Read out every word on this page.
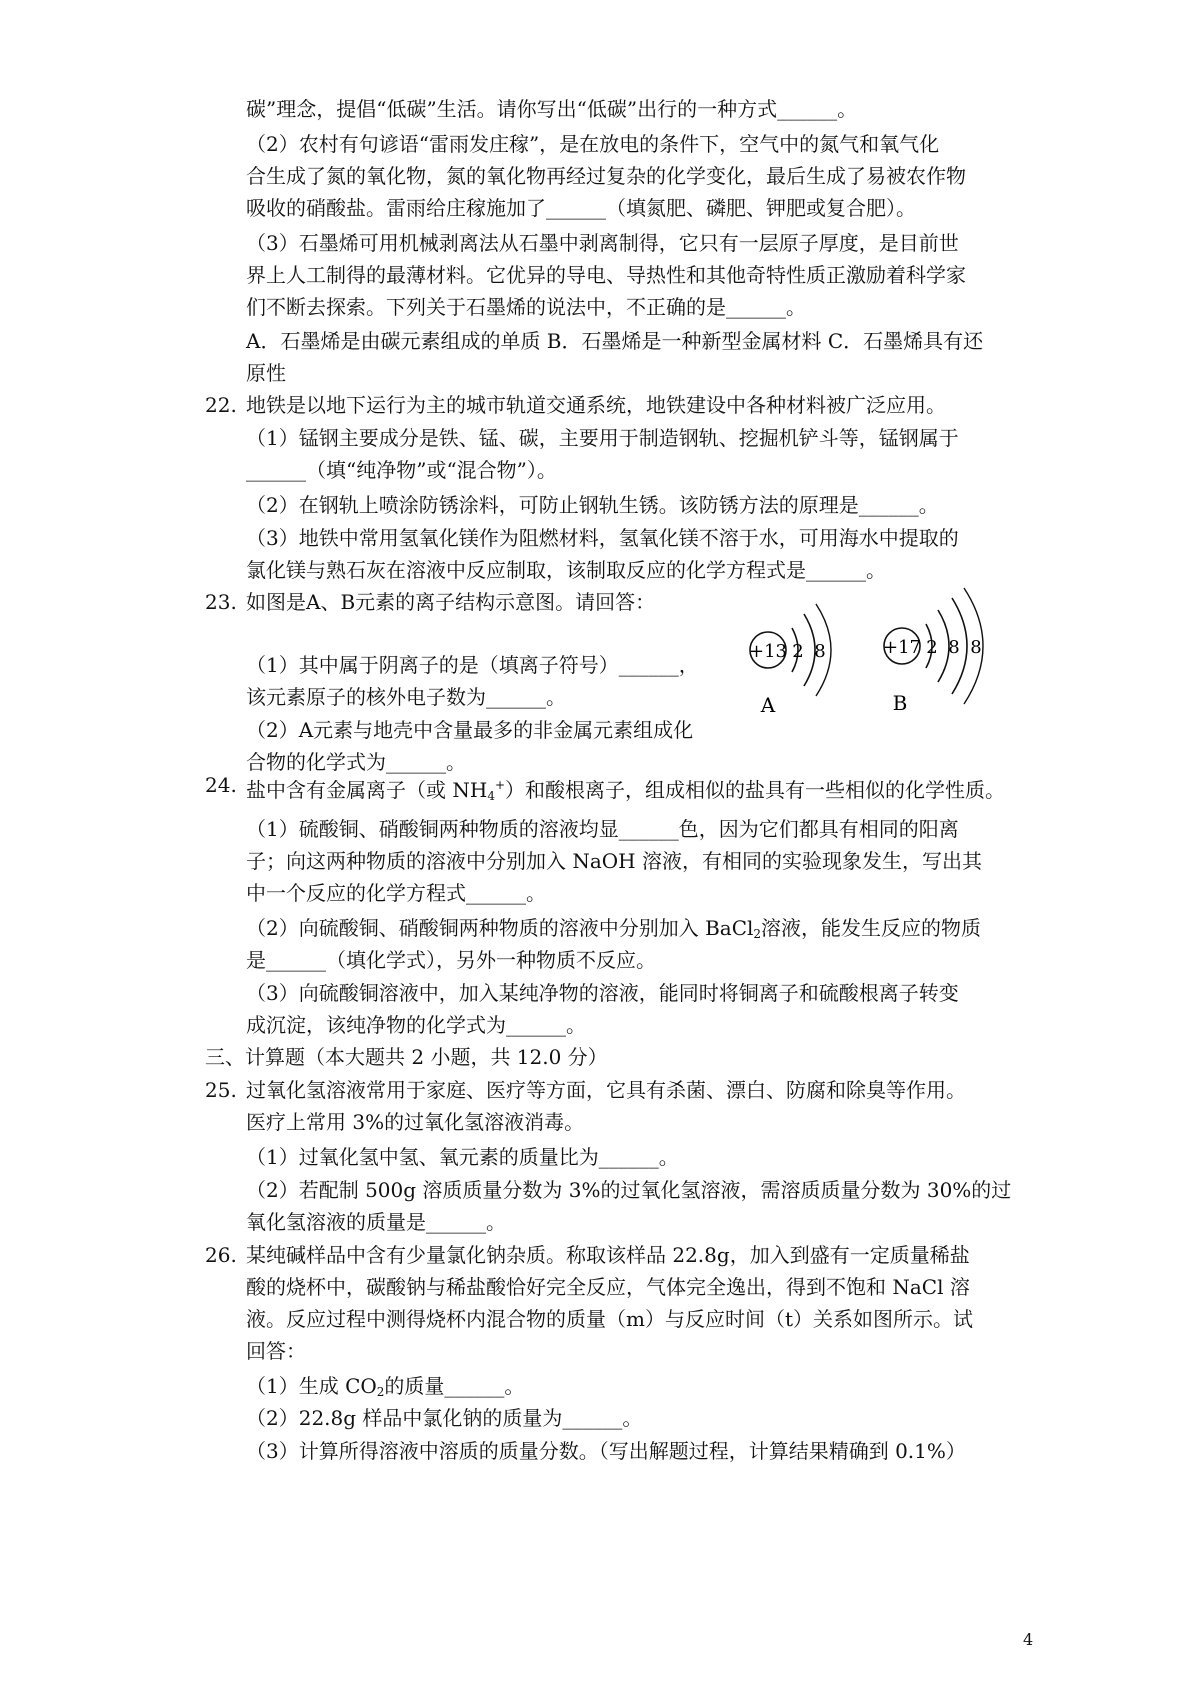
碳”理念，提倡“低碳”生活。请你写出“低碳”出行的一种方式______。
（2）农村有句谚语“雷雨发庄稼”，是在放电的条件下，空气中的氮气和氧气化
合生成了氮的氧化物，氮的氧化物再经过复杂的化学变化，最后生成了易被农作物
吸收的硝酸盐。雷雨给庄稼施加了______（填氮肥、磷肥、钾肥或复合肥）。
（3）石墨烯可用机械剥离法从石墨中剥离制得，它只有一层原子厚度，是目前世
界上人工制得的最薄材料。它优异的导电、导热性和其他奇特性质正激励着科学家
们不断去探索。下列关于石墨烯的说法中，不正确的是______。
A．石墨烯是由碳元素组成的单质 B．石墨烯是一种新型金属材料 C．石墨烯具有还
原性
22. 地铁是以地下运行为主的城市轨道交通系统，地铁建设中各种材料被广泛应用。
（1）锰钢主要成分是铁、锰、碳，主要用于制造钢轨、挖掘机铲斗等，锰钢属于
______（填“纯净物”或“混合物”）。
（2）在钢轨上喷涂防锈涂料，可防止钢轨生锈。该防锈方法的原理是______。
（3）地铁中常用氢氧化镁作为阻燃材料，氢氧化镁不溶于水，可用海水中提取的
氯化镁与熟石灰在溶液中反应制取，该制取反应的化学方程式是______。
23. 如图是A、B元素的离子结构示意图。请回答：
（1）其中属于阴离子的是（填离子符号）______，
该元素原子的核外电子数为______。
（2）A元素与地壳中含量最多的非金属元素组成化
合物的化学式为______。
（1）硫酸铜、硝酸铜两种物质的溶液均显______色，因为它们都具有相同的阳离
子；向这两种物质的溶液中分别加入 NaOH 溶液，有相同的实验现象发生，写出其
中一个反应的化学方程式______。
是______（填化学式），另外一种物质不反应。
（3）向硫酸铜溶液中，加入某纯净物的溶液，能同时将铜离子和硫酸根离子转变
成沉淀，该纯净物的化学式为______。
三、计算题（本大题共 2 小题，共 12.0 分）
25. 过氧化氢溶液常用于家庭、医疗等方面，它具有杀菌、漂白、防腐和除臭等作用。
医疗上常用 3%的过氧化氢溶液消毒。
（1）过氧化氢中氢、氧元素的质量比为______。
（2）若配制 500g 溶质质量分数为 3%的过氧化氢溶液，需溶质质量分数为 30%的过
氧化氢溶液的质量是______。
26. 某纯碱样品中含有少量氯化钠杂质。称取该样品 22.8g，加入到盛有一定质量稀盐
酸的烧杯中，碳酸钠与稀盐酸恰好完全反应，气体完全逸出，得到不饱和 NaCl 溶
液。反应过程中测得烧杯内混合物的质量（m）与反应时间（t）关系如图所示。试
回答：
（2）22.8g 样品中氯化钠的质量为______。
（3）计算所得溶液中溶质的质量分数。（写出解题过程，计算结果精确到 0.1%）
24. 盐中含有金属离子（或 $NH_4^+$）和酸根离子，组成相似的盐具有一些相似的化学性质。
（2）向硫酸铜、硝酸铜两种物质的溶液中分别加入 BaCl$_2$溶液，能发生反应的物质
（1）生成 $CO_2$的质量______。
+13 2 8
A
+17 2 8 8
B
4
